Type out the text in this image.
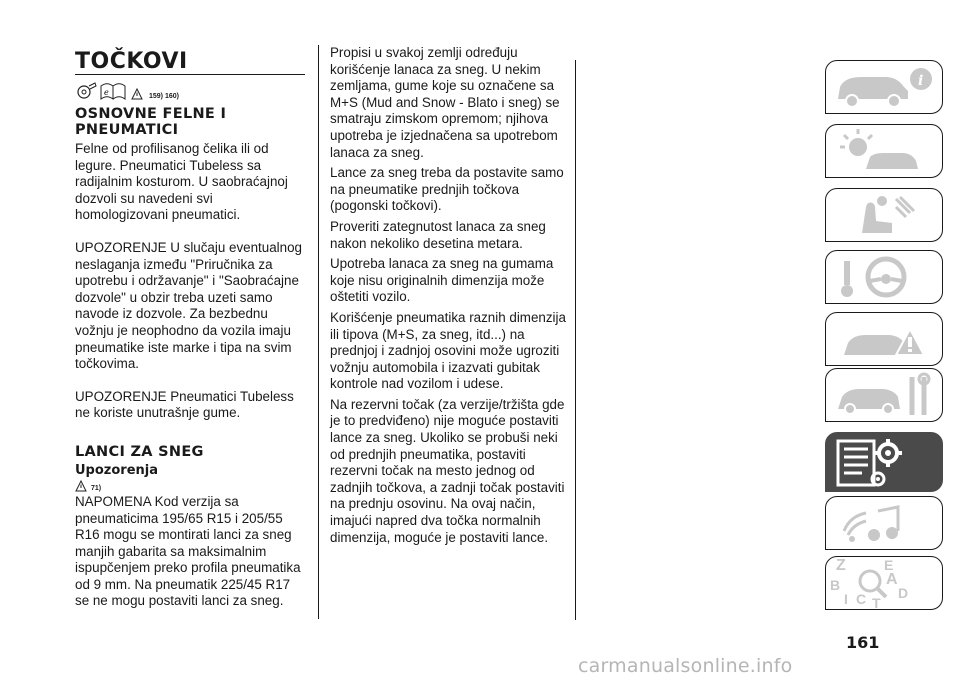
TOČKOVI
e	159) 160)
OSNOVNE FELNE I PNEUMATICI

Felne od profilisanog čelika ili od legure. Pneumatici Tubeless sa radijalnim kosturom. U saobraćajnoj dozvoli su navedeni svi homologizovani pneumatici.

UPOZORENJE U slučaju eventualnog neslaganja između "Priručnika za upotrebu i održavanje" i "Saobraćajne dozvole" u obzir treba uzeti samo navode iz dozvole. Za bezbednu vožnju je neophodno da vozila imaju pneumatike iste marke i tipa na svim točkovima.

UPOZORENJE Pneumatici Tubeless ne koriste unutrašnje gume.

LANCI ZA SNEG
Upozorenja
71)

NAPOMENA Kod verzija sa pneumaticima 195/65 R15 i 205/55 R16 mogu se montirati lanci za sneg manjih gabarita sa maksimalnim ispupčenjem preko profila pneumatika od 9 mm. Na pneumatik 225/45 R17 se ne mogu postaviti lanci za sneg.

Propisi u svakoj zemlji određuju korišćenje lanaca za sneg. U nekim zemljama, gume koje su označene sa M+S (Mud and Snow - Blato i sneg) se smatraju zimskom opremom; njihova upotreba je izjednačena sa upotrebom lanaca za sneg.

Lance za sneg treba da postavite samo na pneumatike prednjih točkova (pogonski točkovi).

Proveriti zategnutost lanaca za sneg nakon nekoliko desetina metara.

Upotreba lanaca za sneg na gumama koje nisu originalnih dimenzija može oštetiti vozilo.

Korišćenje pneumatika raznih dimenzija ili tipova (M+S, za sneg, itd...) na prednjoj i zadnjoj osovini može ugroziti vožnju automobila i izazvati gubitak kontrole nad vozilom i udese.

Na rezervni točak (za verzije/tržišta gde je to predviđeno) nije moguće postaviti lance za sneg. Ukoliko se probuši neki od prednjih pneumatika, postaviti rezervni točak na mesto jednog od zadnjih točkova, a zadnji točak postaviti na prednju osovinu. Na ovaj način, imajući napred dva točka normalnih dimenzija, moguće je postaviti lance.

i
Z	E
A
B	D
I C T
161
carmanualsonline.info
